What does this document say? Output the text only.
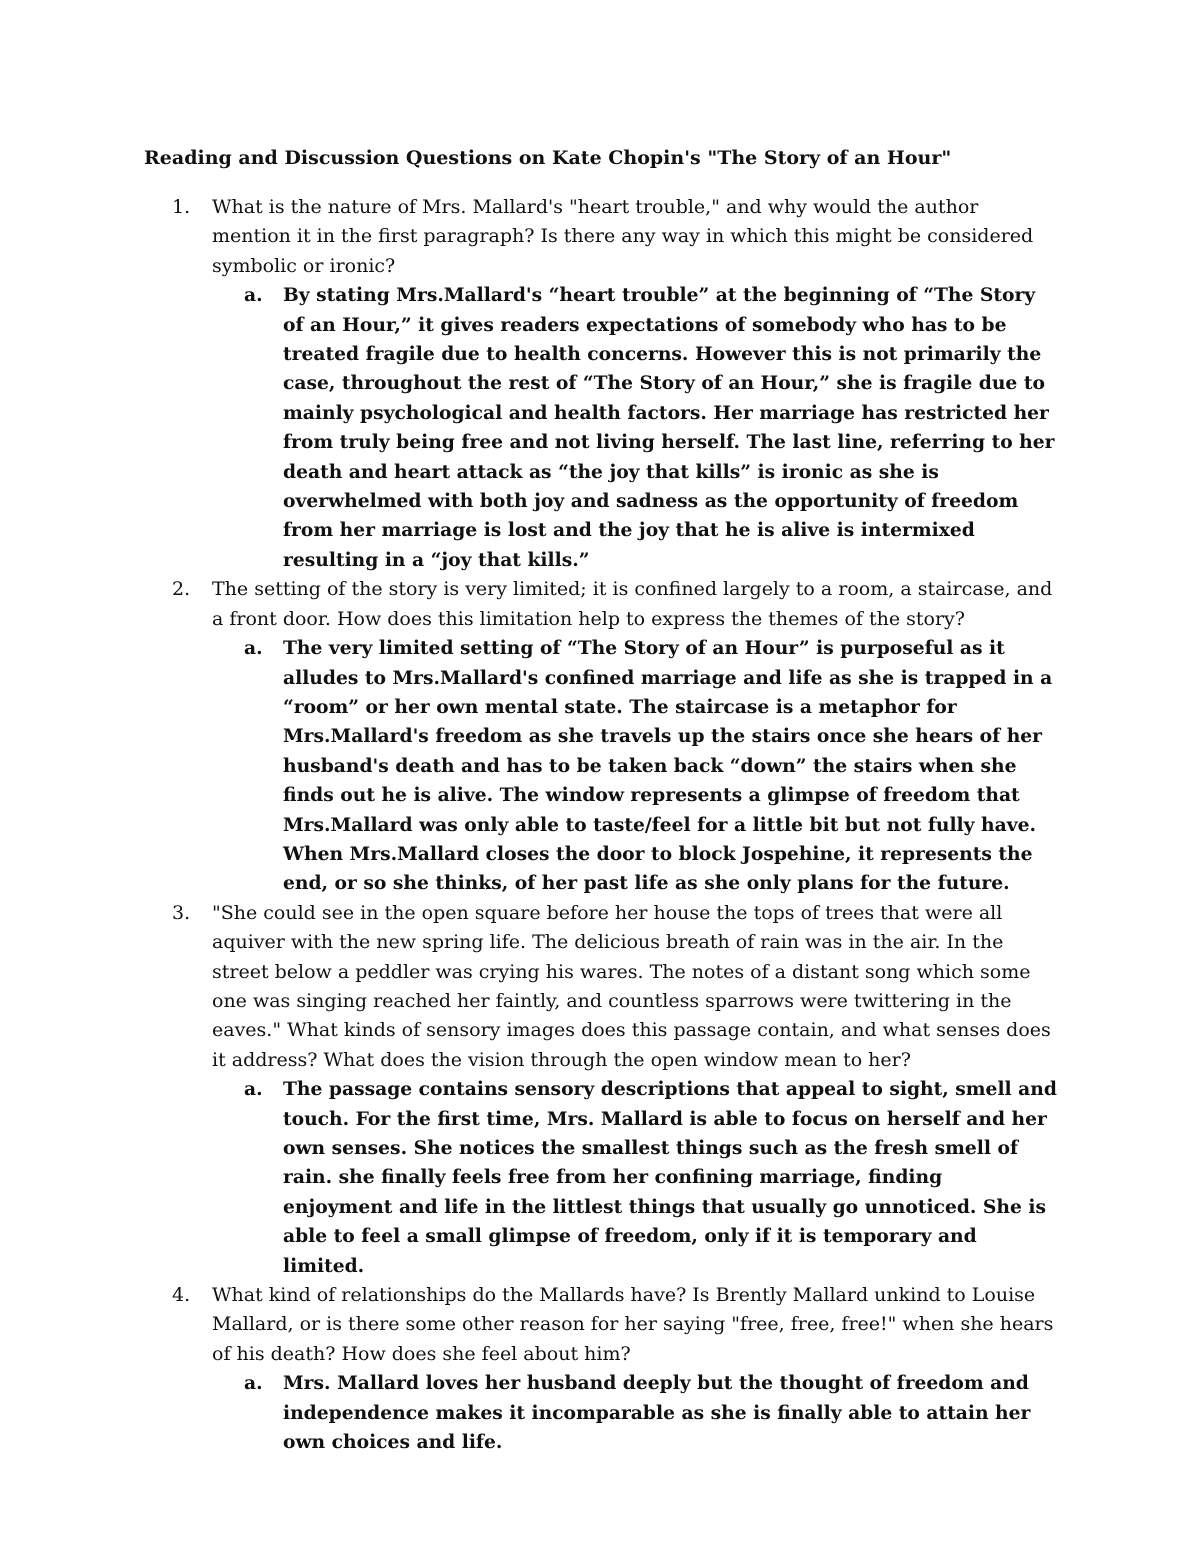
Reading and Discussion Questions on Kate Chopin's "The Story of an Hour"
1. What is the nature of Mrs. Mallard's "heart trouble," and why would the author mention it in the first paragraph? Is there any way in which this might be considered symbolic or ironic?

a. By stating Mrs.Mallard's “heart trouble” at the beginning of “The Story of an Hour,” it gives readers expectations of somebody who has to be treated fragile due to health concerns. However this is not primarily the case, throughout the rest of “The Story of an Hour,” she is fragile due to mainly psychological and health factors. Her marriage has restricted her from truly being free and not living herself. The last line, referring to her death and heart attack as “the joy that kills” is ironic as she is overwhelmed with both joy and sadness as the opportunity of freedom from her marriage is lost and the joy that he is alive is intermixed resulting in a “joy that kills.”

2. The setting of the story is very limited; it is confined largely to a room, a staircase, and a front door. How does this limitation help to express the themes of the story?

a. The very limited setting of “The Story of an Hour” is purposeful as it alludes to Mrs.Mallard's confined marriage and life as she is trapped in a “room” or her own mental state. The staircase is a metaphor for Mrs.Mallard's freedom as she travels up the stairs once she hears of her husband's death and has to be taken back “down” the stairs when she finds out he is alive. The window represents a glimpse of freedom that Mrs.Mallard was only able to taste/feel for a little bit but not fully have. When Mrs.Mallard closes the door to block Jospehine, it represents the end, or so she thinks, of her past life as she only plans for the future.

3. "She could see in the open square before her house the tops of trees that were all aquiver with the new spring life. The delicious breath of rain was in the air. In the street below a peddler was crying his wares. The notes of a distant song which some one was singing reached her faintly, and countless sparrows were twittering in the eaves." What kinds of sensory images does this passage contain, and what senses does it address? What does the vision through the open window mean to her?

a. The passage contains sensory descriptions that appeal to sight, smell and touch. For the first time, Mrs. Mallard is able to focus on herself and her own senses. She notices the smallest things such as the fresh smell of rain. she finally feels free from her confining marriage, finding enjoyment and life in the littlest things that usually go unnoticed. She is able to feel a small glimpse of freedom, only if it is temporary and limited.

4. What kind of relationships do the Mallards have? Is Brently Mallard unkind to Louise Mallard, or is there some other reason for her saying "free, free, free!" when she hears of his death? How does she feel about him?

a. Mrs. Mallard loves her husband deeply but the thought of freedom and independence makes it incomparable as she is finally able to attain her own choices and life.
